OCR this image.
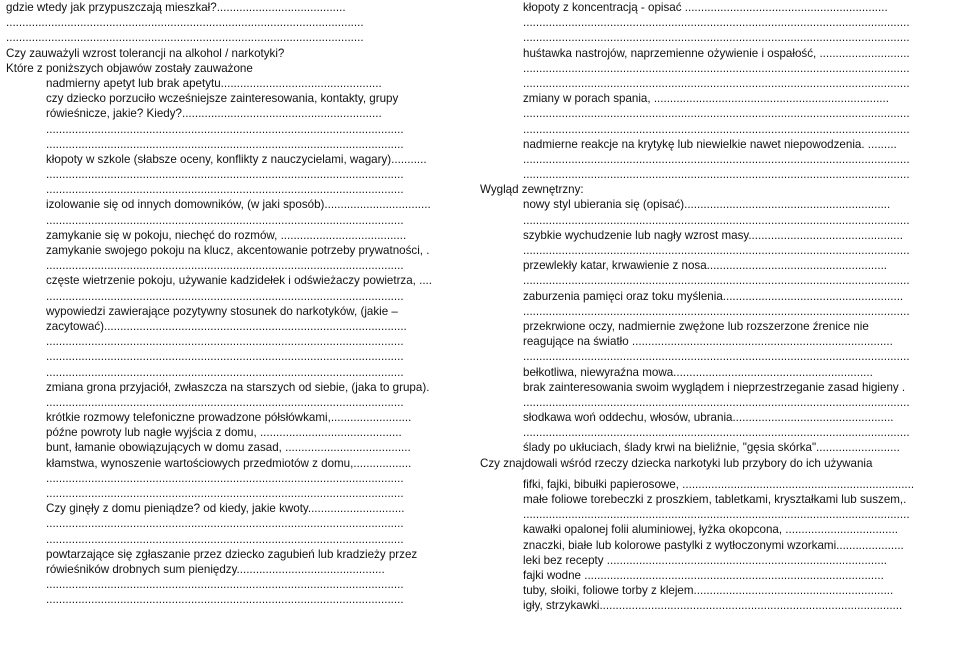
gdzie wtedy jak przypuszczają mieszkał?........................................
...............................................................................................................
...............................................................................................................
Czy zauważyli wzrost tolerancji na alkohol / narkotyki?
Które z poniższych objawów zostały zauważone
nadmierny apetyt lub brak apetytu..................................................
czy dziecko porzuciło wcześniejsze zainteresowania, kontakty, grupy
rówieśnicze, jakie? Kiedy?..............................................................
...............................................................................................................
...............................................................................................................
kłopoty w szkole (słabsze oceny, konflikty z nauczycielami, wagary)...........
...............................................................................................................
...............................................................................................................
izolowanie się od innych domowników, (w jaki sposób).................................
...............................................................................................................
zamykanie się w pokoju, niechęć do rozmów, .......................................
zamykanie swojego pokoju na klucz, akcentowanie potrzeby prywatności, .
...............................................................................................................
częste wietrzenie pokoju, używanie kadzidełek i odświeżaczy powietrza, ....
...............................................................................................................
wypowiedzi zawierające pozytywny stosunek do narkotyków, (jakie –
zacytować)..............................................................................................
...............................................................................................................
...............................................................................................................
...............................................................................................................
zmiana grona przyjaciół, zwłaszcza na starszych od siebie, (jaka to grupa).
...............................................................................................................
krótkie rozmowy telefoniczne prowadzone półsłówkami,.........................
późne powroty lub nagłe wyjścia z domu, ............................................
bunt, łamanie obowiązujących w domu zasad, .......................................
kłamstwa, wynoszenie wartościowych przedmiotów z domu,..................
...............................................................................................................
...............................................................................................................
Czy ginęły z domu pieniądze? od kiedy, jakie kwoty..............................
...............................................................................................................
...............................................................................................................
powtarzające się zgłaszanie przez dziecko zagubień lub kradzieży przez
rówieśników drobnych sum pieniędzy..............................................
...............................................................................................................
...............................................................................................................
kłopoty z koncentracją - opisać ...............................................................
........................................................................................................................
........................................................................................................................
huśtawka nastrojów, naprzemienne ożywienie i ospałość, ............................
........................................................................................................................
........................................................................................................................
zmiany w porach spania, .........................................................................
........................................................................................................................
........................................................................................................................
nadmierne reakcje na krytykę lub niewielkie nawet niepowodzenia. .........
........................................................................................................................
........................................................................................................................
Wygląd zewnętrzny:
nowy styl ubierania się (opisać)................................................................
........................................................................................................................
szybkie wychudzenie lub nagły wzrost masy................................................
........................................................................................................................
przewlekły katar, krwawienie z nosa........................................................
........................................................................................................................
zaburzenia pamięci oraz toku myślenia........................................................
........................................................................................................................
przekrwione oczy, nadmiernie zwężone lub rozszerzone źrenice nie
reagujące na światło .................................................................................
........................................................................................................................
bełkotliwa, niewyraźna mowa..............................................................
brak zainteresowania swoim wyglądem i nieprzestrzeganie zasad higieny .
........................................................................................................................
słodkawa woń oddechu, włosów, ubrania..................................................
........................................................................................................................
ślady po ukłuciach, ślady krwi na bieliźnie, "gęsia skórka"..........................
Czy znajdowali wśród rzeczy dziecka narkotyki lub przybory do ich używania
fifki, fajki, bibułki papierosowe, ........................................................................
małe foliowe torebeczki z proszkiem, tabletkami, kryształkami lub suszem,.
........................................................................................................................
kawałki opalonej folii aluminiowej, łyżka okopcona, ...................................
znaczki, białe lub kolorowe pastylki z wytłoczonymi wzorkami.....................
leki bez recepty .......................................................................................
fajki wodne .............................................................................................
tuby, słoiki, foliowe torby z klejem..............................................................
igły, strzykawki..............................................................................................
